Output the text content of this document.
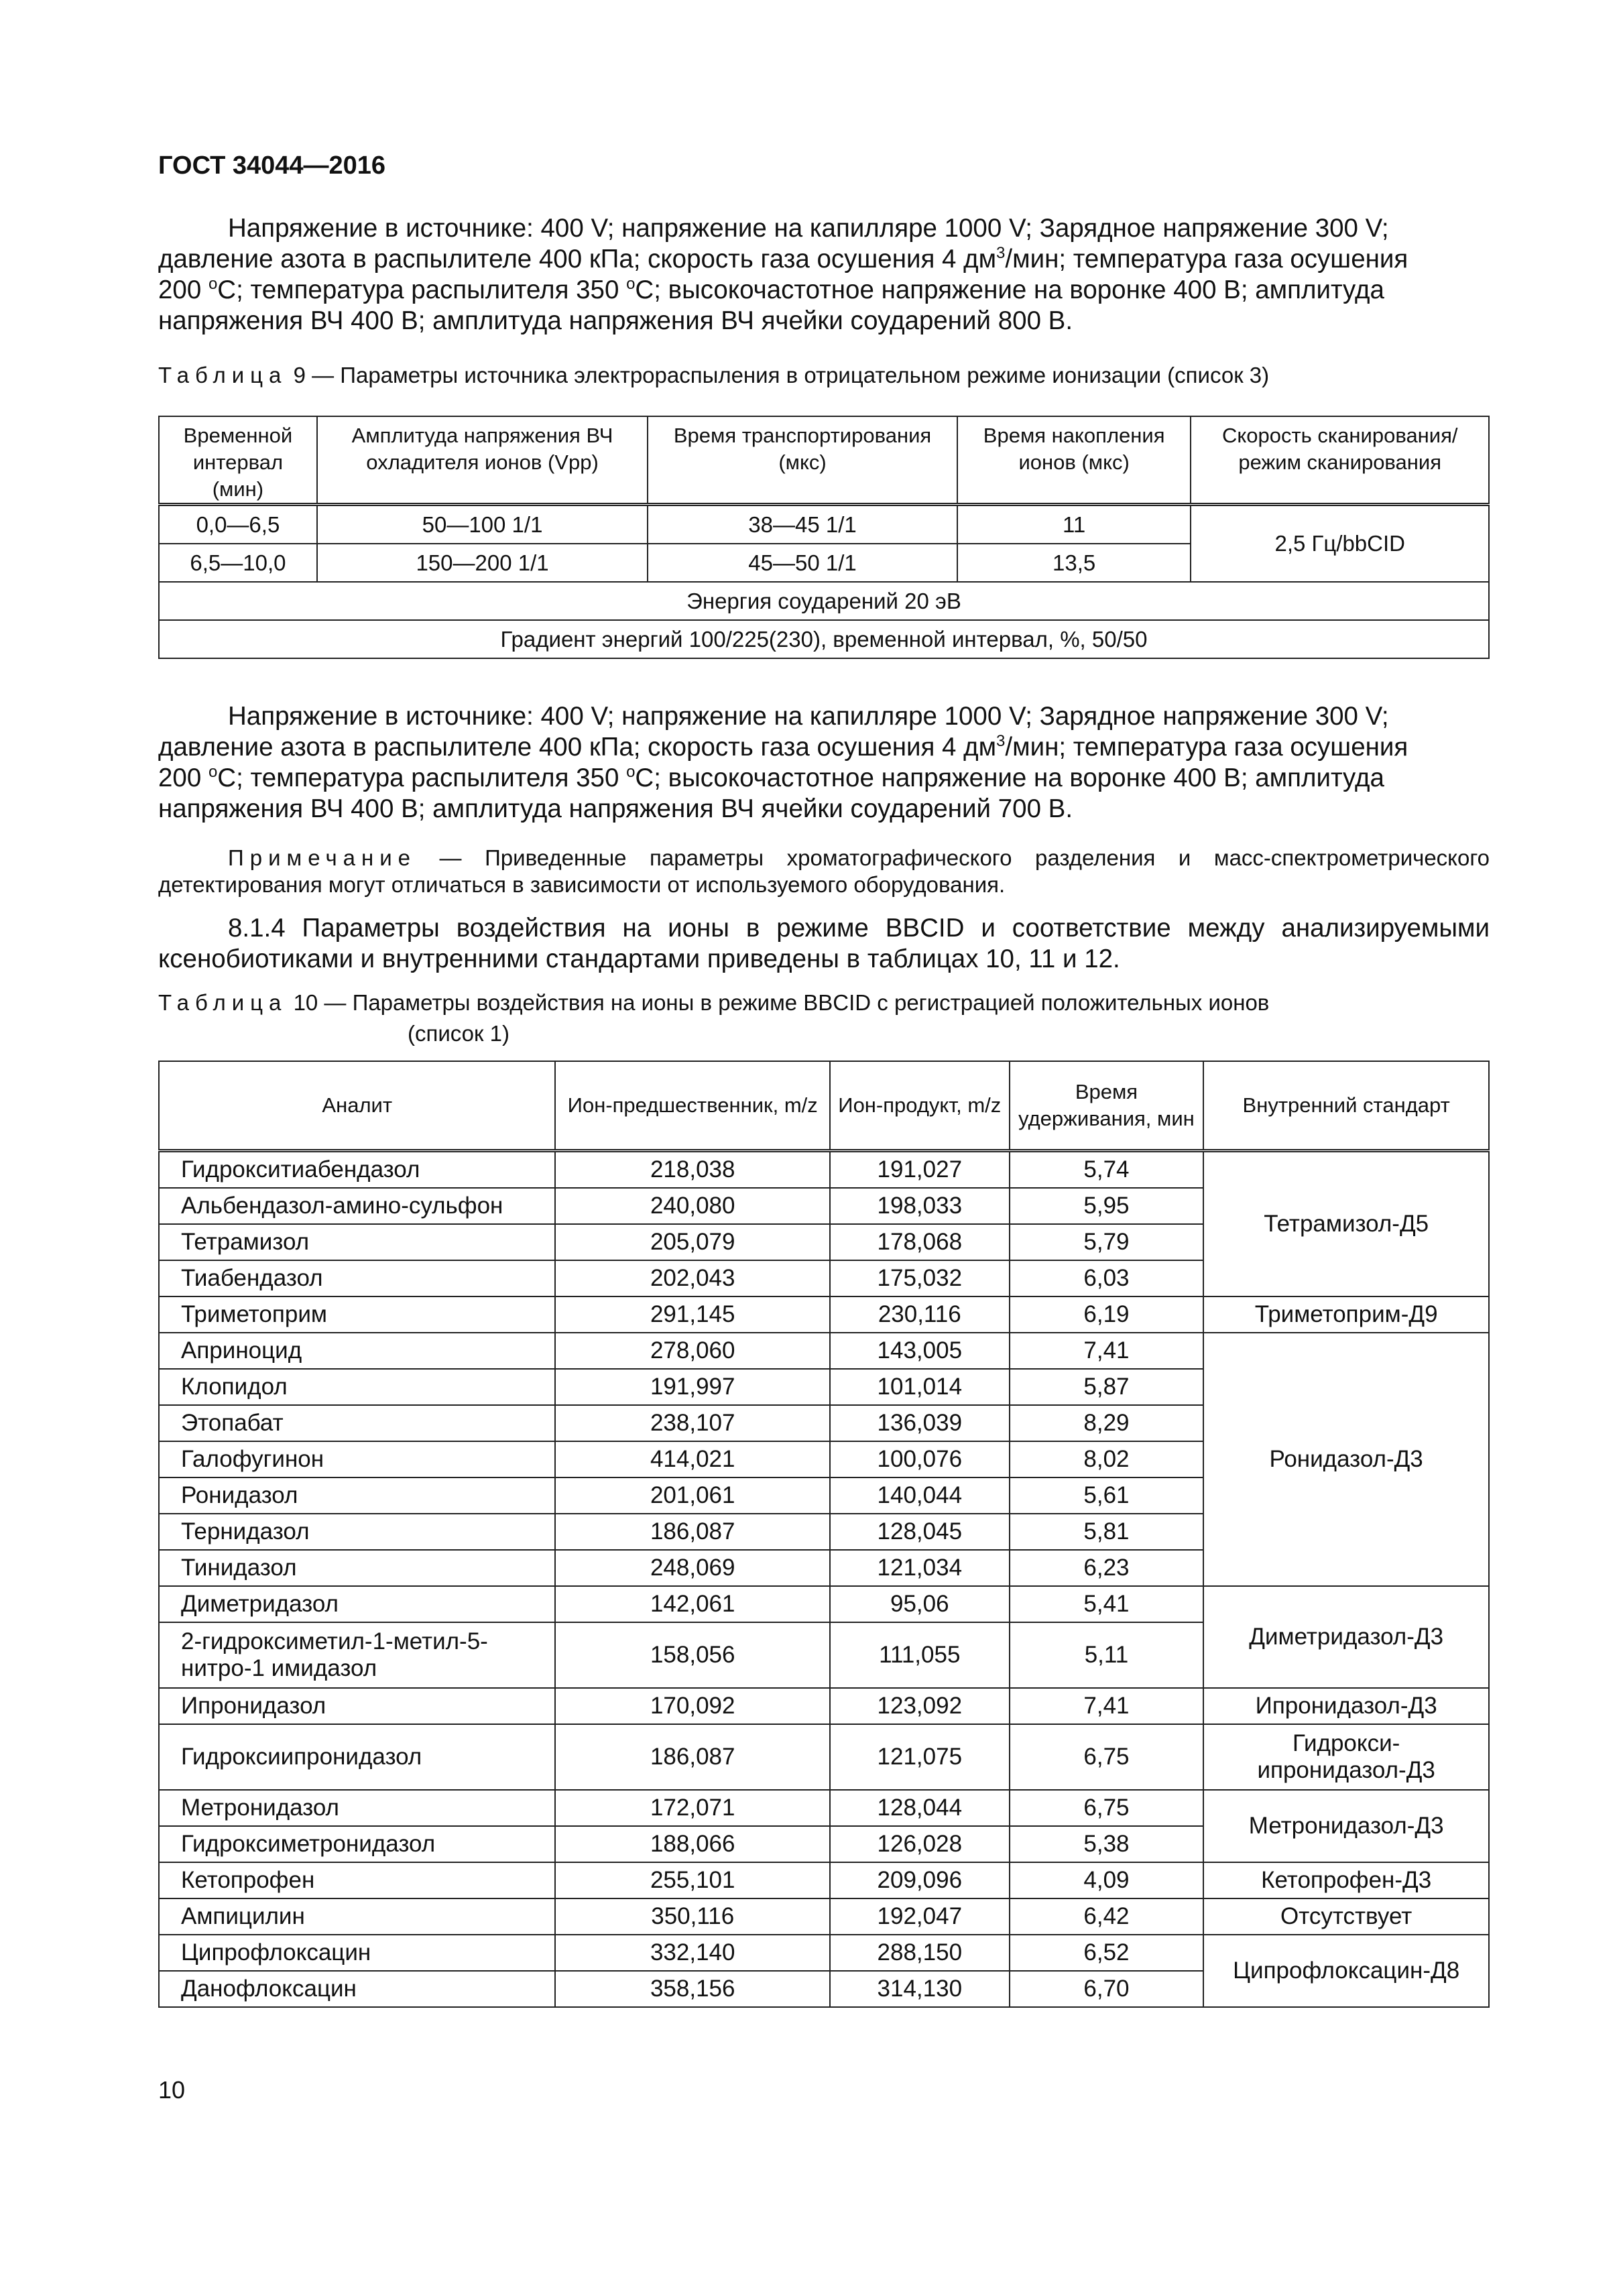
ГОСТ 34044—2016
Напряжение в источнике: 400 V; напряжение на капилляре 1000 V; Зарядное напряжение 300 V;
давление азота в распылителе 400 кПа; скорость газа осушения 4 $дм^3$/мин; температура газа осушения
200 $^о$С; температура распылителя 350 $^о$С; высокочастотное напряжение на воронке 400 В; амплитуда
напряжения ВЧ 400 В; амплитуда напряжения ВЧ ячейки соударений 800 В.
Таблица 9 — Параметры источника электрораспыления в отрицательном режиме ионизации (список 3)
Временной интервал (мин)	Амплитуда напряжения ВЧ охладителя ионов (Vpp)	Время транспортирования (мкс)	Время накопления ионов (мкс)	Скорость сканирования/ режим сканирования
0,0—6,5	50—100 1/1	38—45 1/1	11	2,5 Гц/bbCID
6,5—10,0	150—200 1/1	45—50 1/1	13,5	
Энергия соударений 20 эВ				
Градиент энергий 100/225(230), временной интервал, %, 50/50				
Напряжение в источнике: 400 V; напряжение на капилляре 1000 V; Зарядное напряжение 300 V;
давление азота в распылителе 400 кПа; скорость газа осушения 4 $дм^3$/мин; температура газа осушения
200 $^о$С; температура распылителя 350 $^о$С; высокочастотное напряжение на воронке 400 В; амплитуда
напряжения ВЧ 400 В; амплитуда напряжения ВЧ ячейки соударений 700 В.
Примечание — Приведенные параметры хроматографического разделения и масс-спектрометрического детектирования могут отличаться в зависимости от используемого оборудования.
8.1.4 Параметры воздействия на ионы в режиме BBCID и соответствие между анализируемыми ксенобиотиками и внутренними стандартами приведены в таблицах 10, 11 и 12.
Таблица 10 — Параметры воздействия на ионы в режиме BBCID с регистрацией положительных ионов
(список 1)
Аналит	Ион-предшественник, m/z	Ион-продукт, m/z	Время удерживания, мин	Внутренний стандарт
Гидрокситиабендазол	218,038	191,027	5,74	Тетрамизол-Д5
Альбендазол-амино-сульфон	240,080	198,033	5,95	
Тетрамизол	205,079	178,068	5,79	
Тиабендазол	202,043	175,032	6,03	
Триметоприм	291,145	230,116	6,19	Триметоприм-Д9
Априноцид	278,060	143,005	7,41	Ронидазол-Д3
Клопидол	191,997	101,014	5,87	
Этопабат	238,107	136,039	8,29	
Галофугинон	414,021	100,076	8,02	
Ронидазол	201,061	140,044	5,61	
Тернидазол	186,087	128,045	5,81	
Тинидазол	248,069	121,034	6,23	
Диметридазол	142,061	95,06	5,41	Диметридазол-Д3
2-гидроксиметил-1-метил-5-нитро-1 имидазол	158,056	111,055	5,11	
Ипронидазол	170,092	123,092	7,41	Ипронидазол-Д3
Гидроксиипронидазол	186,087	121,075	6,75	Гидрокси-ипронидазол-Д3
Метронидазол	172,071	128,044	6,75	Метронидазол-Д3
Гидроксиметронидазол	188,066	126,028	5,38	
Кетопрофен	255,101	209,096	4,09	Кетопрофен-Д3
Ампицилин	350,116	192,047	6,42	Отсутствует
Ципрофлоксацин	332,140	288,150	6,52	Ципрофлоксацин-Д8
Данофлоксацин	358,156	314,130	6,70	
10
